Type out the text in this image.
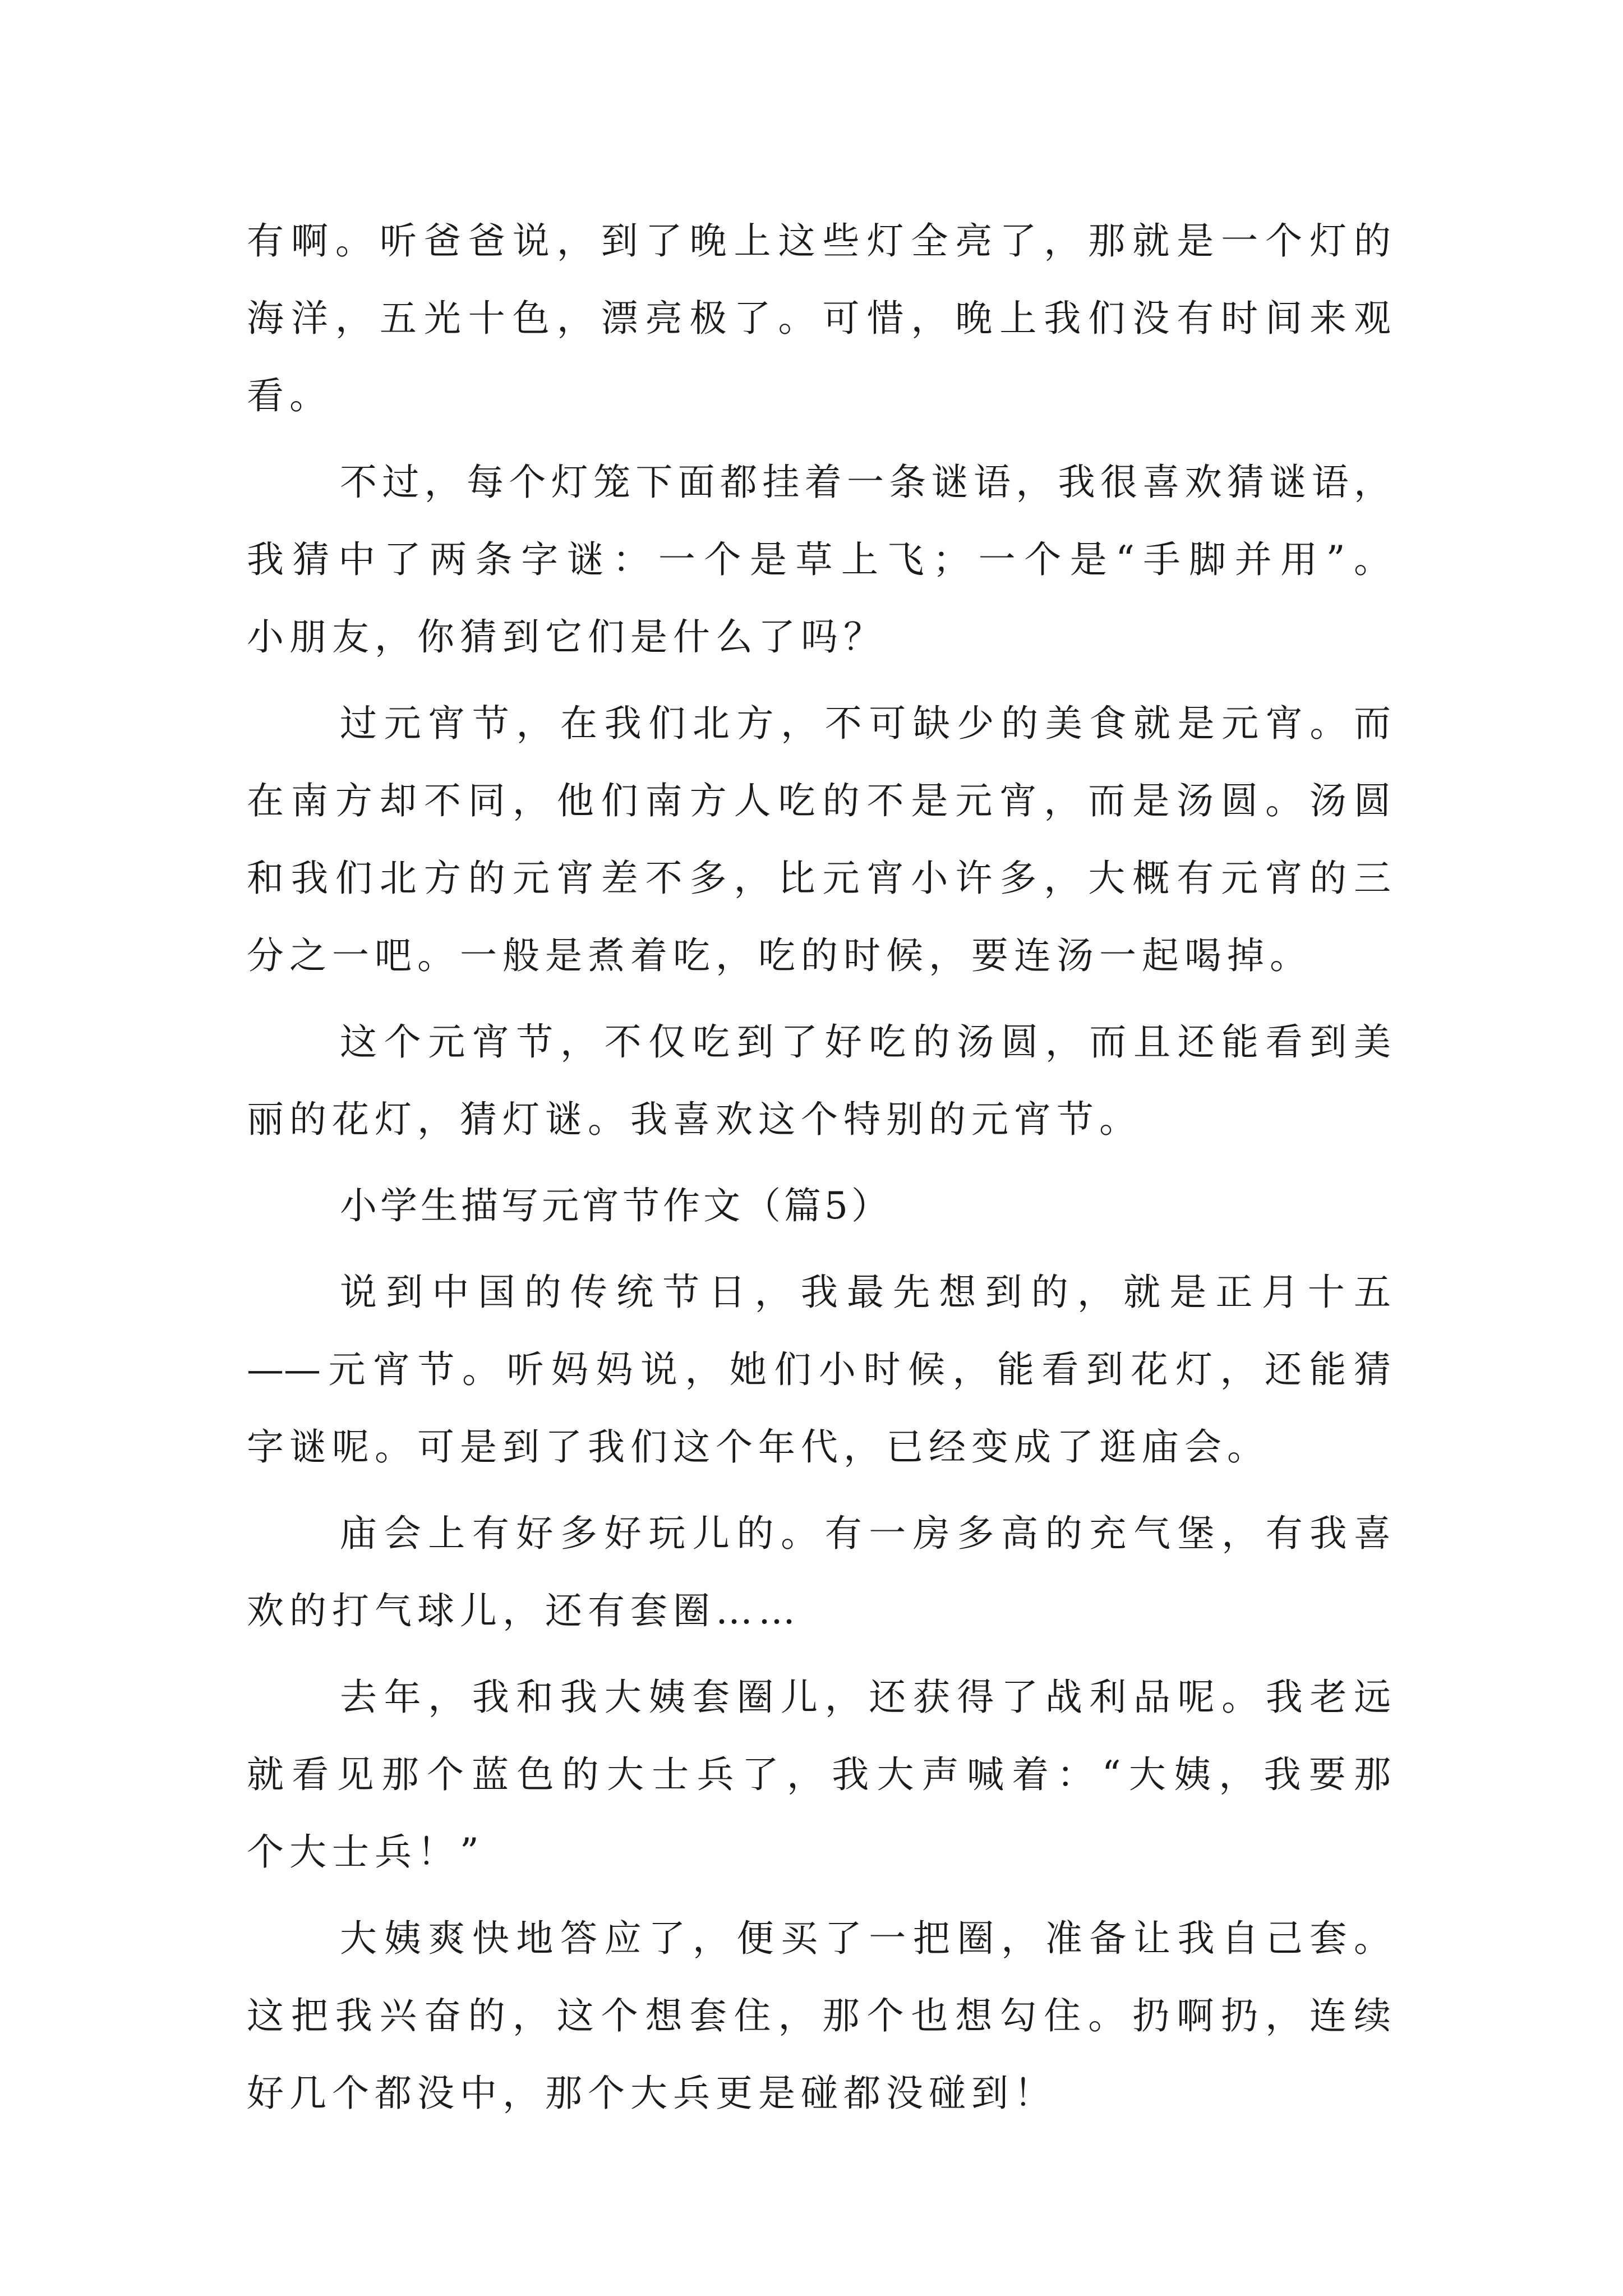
有啊。听爸爸说，到了晚上这些灯全亮了，那就是一个灯的
海洋，五光十色，漂亮极了。可惜，晚上我们没有时间来观
看。
不过，每个灯笼下面都挂着一条谜语，我很喜欢猜谜语，
我猜中了两条字谜：一个是草上飞；一个是“手脚并用”。
小朋友，你猜到它们是什么了吗？
过元宵节，在我们北方，不可缺少的美食就是元宵。而
在南方却不同，他们南方人吃的不是元宵，而是汤圆。汤圆
和我们北方的元宵差不多，比元宵小许多，大概有元宵的三
分之一吧。一般是煮着吃，吃的时候，要连汤一起喝掉。
这个元宵节，不仅吃到了好吃的汤圆，而且还能看到美
丽的花灯，猜灯谜。我喜欢这个特别的元宵节。
小学生描写元宵节作文（篇5）
说到中国的传统节日，我最先想到的，就是正月十五
——元宵节。听妈妈说，她们小时候，能看到花灯，还能猜
字谜呢。可是到了我们这个年代，已经变成了逛庙会。
庙会上有好多好玩儿的。有一房多高的充气堡，有我喜
欢的打气球儿，还有套圈……
去年，我和我大姨套圈儿，还获得了战利品呢。我老远
就看见那个蓝色的大士兵了，我大声喊着：“大姨，我要那
个大士兵！”
大姨爽快地答应了，便买了一把圈，准备让我自己套。
这把我兴奋的，这个想套住，那个也想勾住。扔啊扔，连续
好几个都没中，那个大兵更是碰都没碰到！
